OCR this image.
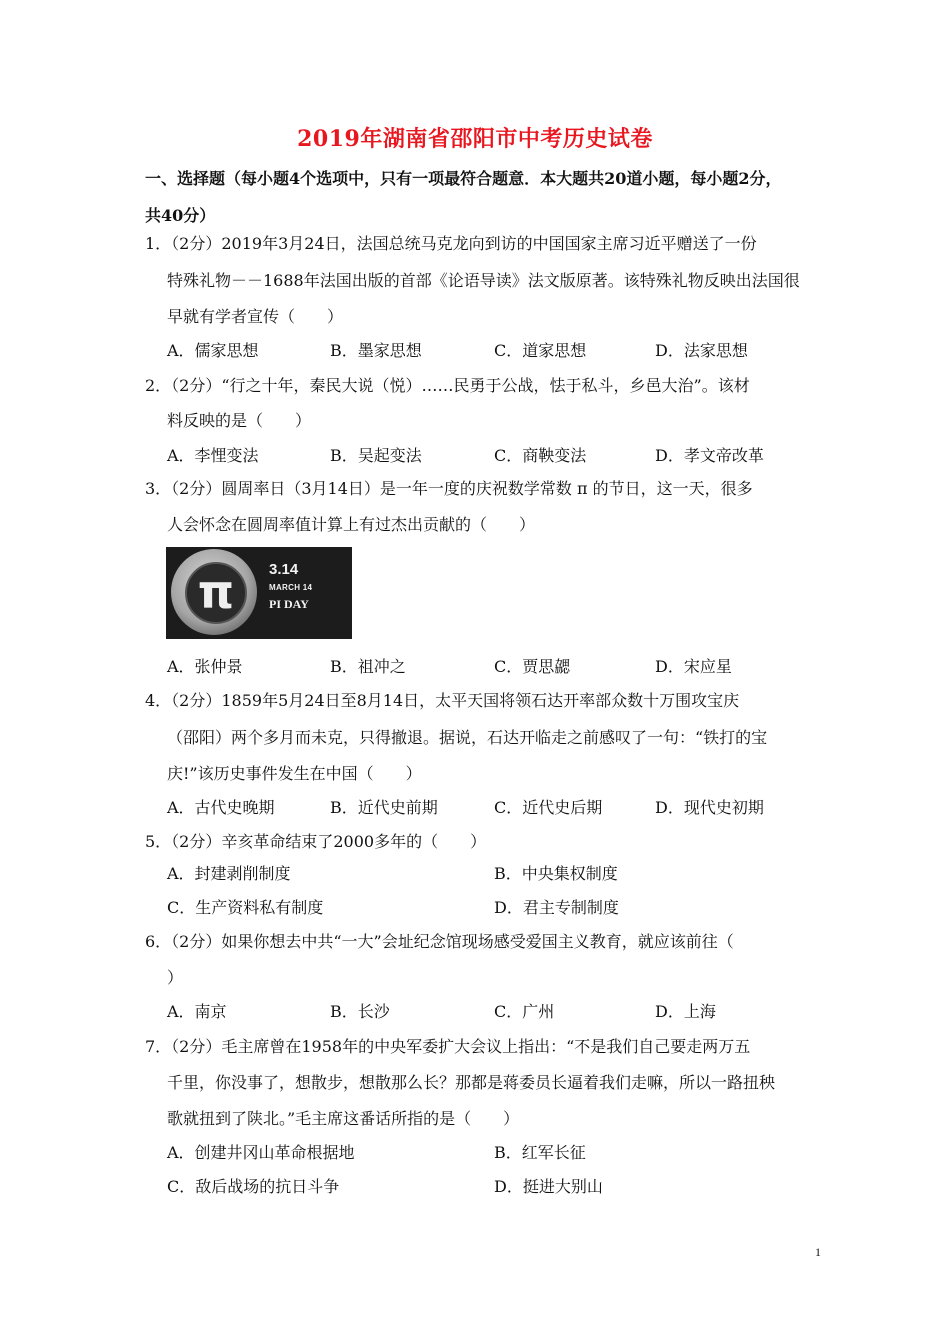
2019年湖南省邵阳市中考历史试卷
一、选择题（每小题4个选项中，只有一项最符合题意．本大题共20道小题，每小题2分，
共40分）
1．（2分）2019年3月24日，法国总统马克龙向到访的中国国家主席习近平赠送了一份
特殊礼物－－1688年法国出版的首部《论语导读》法文版原著。该特殊礼物反映出法国很
早就有学者宣传（　　）
A．儒家思想	B．墨家思想	C．道家思想	D．法家思想
2．（2分）“行之十年，秦民大说（悦）……民勇于公战，怯于私斗，乡邑大治”。该材
料反映的是（　　）
A．李悝变法	B．吴起变法	C．商鞅变法	D．孝文帝改革
3．（2分）圆周率日（3月14日）是一年一度的庆祝数学常数 π 的节日，这一天，很多
人会怀念在圆周率值计算上有过杰出贡献的（　　）
π	3.14
MARCH 14
PI DAY
A．张仲景	B．祖冲之	C．贾思勰	D．宋应星
4．（2分）1859年5月24日至8月14日，太平天国将领石达开率部众数十万围攻宝庆
（邵阳）两个多月而未克，只得撤退。据说，石达开临走之前感叹了一句：“铁打的宝
庆!”该历史事件发生在中国（　　）
A．古代史晚期	B．近代史前期	C．近代史后期	D．现代史初期
5．（2分）辛亥革命结束了2000多年的（　　）
A．封建剥削制度	B．中央集权制度
C．生产资料私有制度	D．君主专制制度
6．（2分）如果你想去中共“一大”会址纪念馆现场感受爱国主义教育，就应该前往（
）
A．南京	B．长沙	C．广州	D．上海
7．（2分）毛主席曾在1958年的中央军委扩大会议上指出：“不是我们自己要走两万五
千里，你没事了，想散步，想散那么长？那都是蒋委员长逼着我们走嘛，所以一路扭秧
歌就扭到了陕北。”毛主席这番话所指的是（　　）
A．创建井冈山革命根据地	B．红军长征
C．敌后战场的抗日斗争	D．挺进大别山
1
